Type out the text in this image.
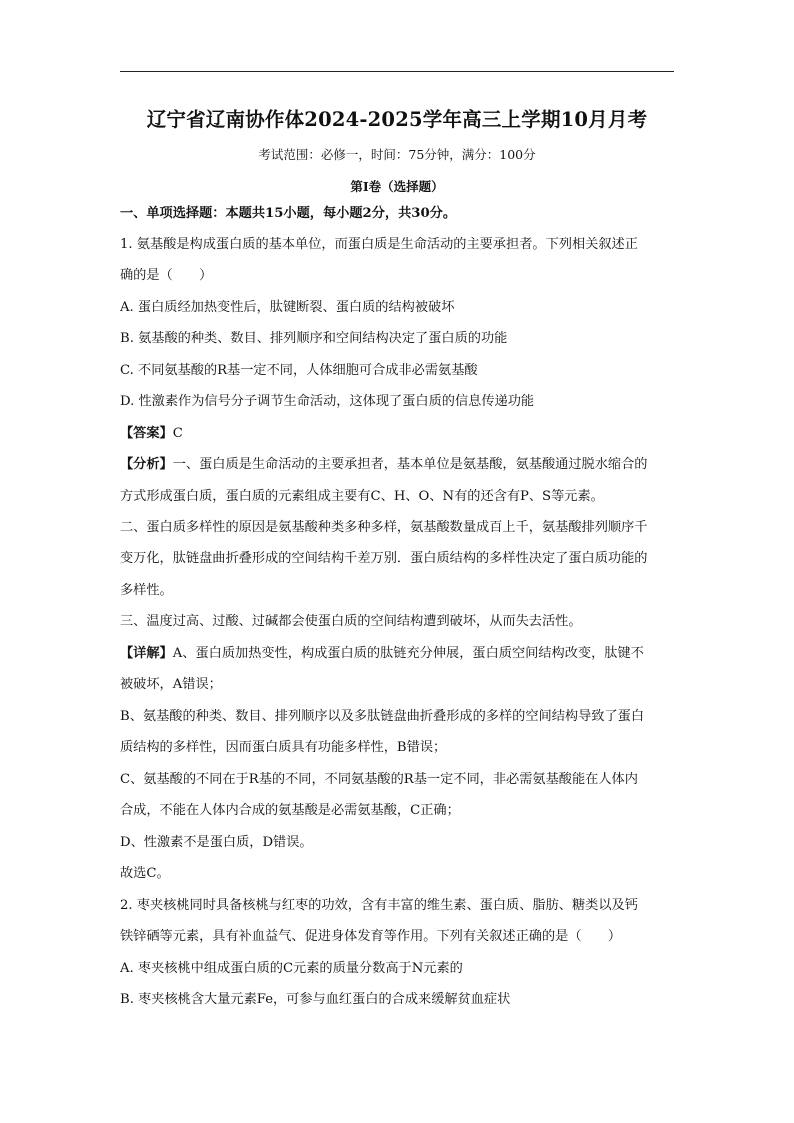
辽宁省辽南协作体2024-2025学年高三上学期10月月考
考试范围：必修一，时间：75分钟，满分：100分
第I卷（选择题）
一、单项选择题：本题共15小题，每小题2分，共30分。
1. 氨基酸是构成蛋白质的基本单位，而蛋白质是生命活动的主要承担者。下列相关叙述正
确的是（　　）
A. 蛋白质经加热变性后，肽键断裂、蛋白质的结构被破坏
B. 氨基酸的种类、数目、排列顺序和空间结构决定了蛋白质的功能
C. 不同氨基酸的R基一定不同，人体细胞可合成非必需氨基酸
D. 性激素作为信号分子调节生命活动，这体现了蛋白质的信息传递功能
【答案】C
【分析】一、蛋白质是生命活动的主要承担者，基本单位是氨基酸，氨基酸通过脱水缩合的
方式形成蛋白质，蛋白质的元素组成主要有C、H、O、N有的还含有P、S等元素。
二、蛋白质多样性的原因是氨基酸种类多种多样，氨基酸数量成百上千，氨基酸排列顺序千
变万化，肽链盘曲折叠形成的空间结构千差万别．蛋白质结构的多样性决定了蛋白质功能的
多样性。
三、温度过高、过酸、过碱都会使蛋白质的空间结构遭到破坏，从而失去活性。
【详解】A、蛋白质加热变性，构成蛋白质的肽链充分伸展，蛋白质空间结构改变，肽键不
被破坏，A错误；
B、氨基酸的种类、数目、排列顺序以及多肽链盘曲折叠形成的多样的空间结构导致了蛋白
质结构的多样性，因而蛋白质具有功能多样性，B错误；
C、氨基酸的不同在于R基的不同，不同氨基酸的R基一定不同，非必需氨基酸能在人体内
合成，不能在人体内合成的氨基酸是必需氨基酸，C正确；
D、性激素不是蛋白质，D错误。
故选C。
2. 枣夹核桃同时具备核桃与红枣的功效，含有丰富的维生素、蛋白质、脂肪、糖类以及钙
铁锌硒等元素，具有补血益气、促进身体发育等作用。下列有关叙述正确的是（　　）
A. 枣夹核桃中组成蛋白质的C元素的质量分数高于N元素的
B. 枣夹核桃含大量元素Fe，可参与血红蛋白的合成来缓解贫血症状
